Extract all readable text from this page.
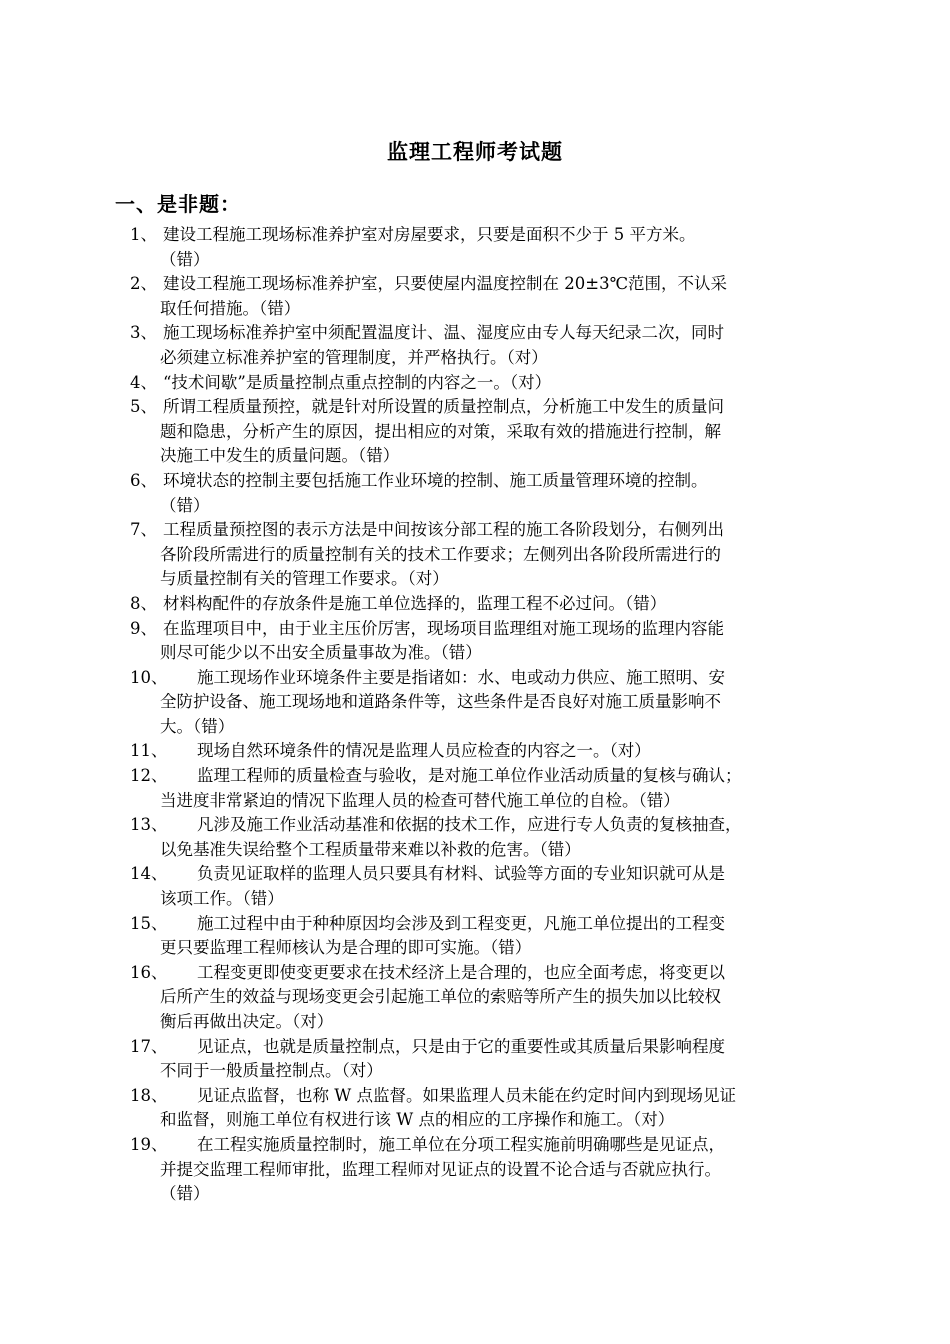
监理工程师考试题
一、是非题：
1、 建设工程施工现场标准养护室对房屋要求，只要是面积不少于 5 平方米。
（错）
2、 建设工程施工现场标准养护室，只要使屋内温度控制在 20±3℃范围，不认采
取任何措施。（错）
3、 施工现场标准养护室中须配置温度计、温、湿度应由专人每天纪录二次，同时
必须建立标准养护室的管理制度，并严格执行。（对）
4、 “技术间歇”是质量控制点重点控制的内容之一。（对）
5、 所谓工程质量预控，就是针对所设置的质量控制点，分析施工中发生的质量问
题和隐患，分析产生的原因，提出相应的对策，采取有效的措施进行控制，解
决施工中发生的质量问题。（错）
6、 环境状态的控制主要包括施工作业环境的控制、施工质量管理环境的控制。
（错）
7、 工程质量预控图的表示方法是中间按该分部工程的施工各阶段划分，右侧列出
各阶段所需进行的质量控制有关的技术工作要求；左侧列出各阶段所需进行的
与质量控制有关的管理工作要求。（对）
8、 材料构配件的存放条件是施工单位选择的，监理工程不必过问。（错）
9、 在监理项目中，由于业主压价厉害，现场项目监理组对施工现场的监理内容能
则尽可能少以不出安全质量事故为准。（错）
10、 施工现场作业环境条件主要是指诸如：水、电或动力供应、施工照明、安
全防护设备、施工现场地和道路条件等，这些条件是否良好对施工质量影响不
大。（错）
11、 现场自然环境条件的情况是监理人员应检查的内容之一。（对）
12、 监理工程师的质量检查与验收，是对施工单位作业活动质量的复核与确认；
当进度非常紧迫的情况下监理人员的检查可替代施工单位的自检。（错）
13、 凡涉及施工作业活动基准和依据的技术工作，应进行专人负责的复核抽查，
以免基准失误给整个工程质量带来难以补救的危害。（错）
14、 负责见证取样的监理人员只要具有材料、试验等方面的专业知识就可从是
该项工作。（错）
15、 施工过程中由于种种原因均会涉及到工程变更，凡施工单位提出的工程变
更只要监理工程师核认为是合理的即可实施。（错）
16、 工程变更即使变更要求在技术经济上是合理的，也应全面考虑，将变更以
后所产生的效益与现场变更会引起施工单位的索赔等所产生的损失加以比较权
衡后再做出决定。（对）
17、 见证点，也就是质量控制点，只是由于它的重要性或其质量后果影响程度
不同于一般质量控制点。（对）
18、 见证点监督，也称 W 点监督。如果监理人员未能在约定时间内到现场见证
和监督，则施工单位有权进行该 W 点的相应的工序操作和施工。（对）
19、 在工程实施质量控制时，施工单位在分项工程实施前明确哪些是见证点，
并提交监理工程师审批，监理工程师对见证点的设置不论合适与否就应执行。
（错）
